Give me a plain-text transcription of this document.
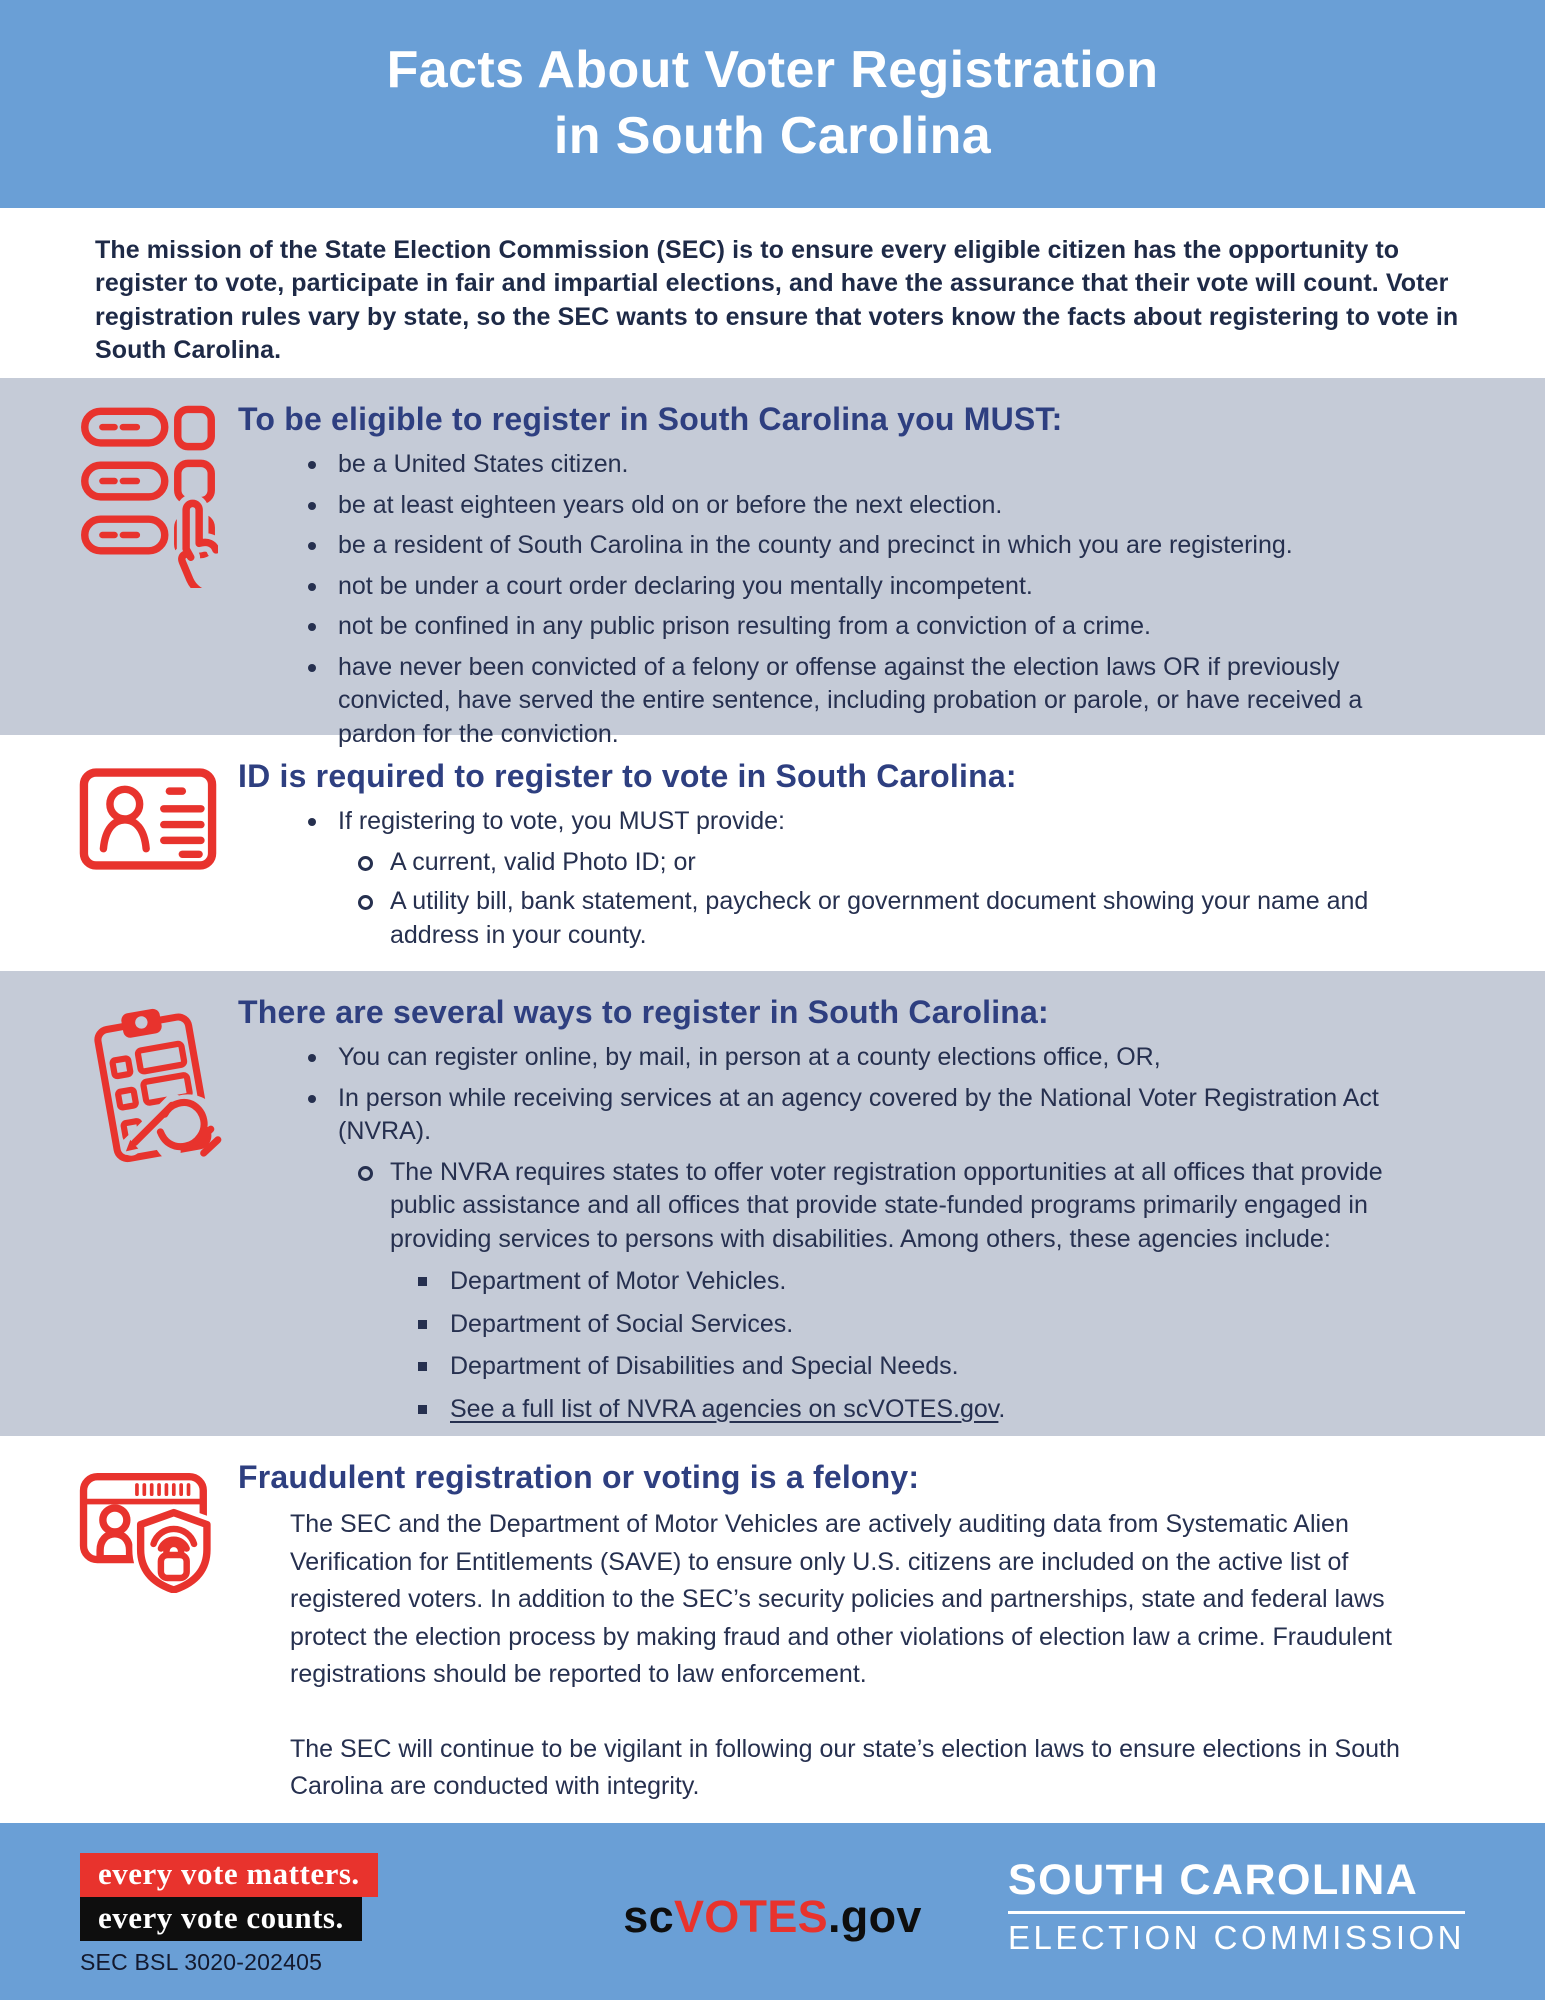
Facts About Voter Registration
in South Carolina

The mission of the State Election Commission (SEC) is to ensure every eligible citizen has the opportunity to register to vote, participate in fair and impartial elections, and have the assurance that their vote will count. Voter registration rules vary by state, so the SEC wants to ensure that voters know the facts about registering to vote in South Carolina.

To be eligible to register in South Carolina you MUST:
be a United States citizen.
be at least eighteen years old on or before the next election.
be a resident of South Carolina in the county and precinct in which you are registering.
not be under a court order declaring you mentally incompetent.
not be confined in any public prison resulting from a conviction of a crime.
have never been convicted of a felony or offense against the election laws OR if previously convicted, have served the entire sentence, including probation or parole, or have received a pardon for the conviction.
ID is required to register to vote in South Carolina:
If registering to vote, you MUST provide:
A current, valid Photo ID; or
A utility bill, bank statement, paycheck or government document showing your name and address in your county.
There are several ways to register in South Carolina:
You can register online, by mail, in person at a county elections office, OR,
In person while receiving services at an agency covered by the National Voter Registration Act (NVRA).
The NVRA requires states to offer voter registration opportunities at all offices that provide public assistance and all offices that provide state-funded programs primarily engaged in providing services to persons with disabilities. Among others, these agencies include:
Department of Motor Vehicles.
Department of Social Services.
Department of Disabilities and Special Needs.
See a full list of NVRA agencies on scVOTES.gov.
Fraudulent registration or voting is a felony:

The SEC and the Department of Motor Vehicles are actively auditing data from Systematic Alien Verification for Entitlements (SAVE) to ensure only U.S. citizens are included on the active list of registered voters. In addition to the SEC’s security policies and partnerships, state and federal laws protect the election process by making fraud and other violations of election law a crime. Fraudulent registrations should be reported to law enforcement.

The SEC will continue to be vigilant in following our state’s election laws to ensure elections in South Carolina are conducted with integrity.

every vote matters.
every vote counts.
SEC BSL 3020-202405
scVOTES.gov
SOUTH CAROLINA
ELECTION COMMISSION
